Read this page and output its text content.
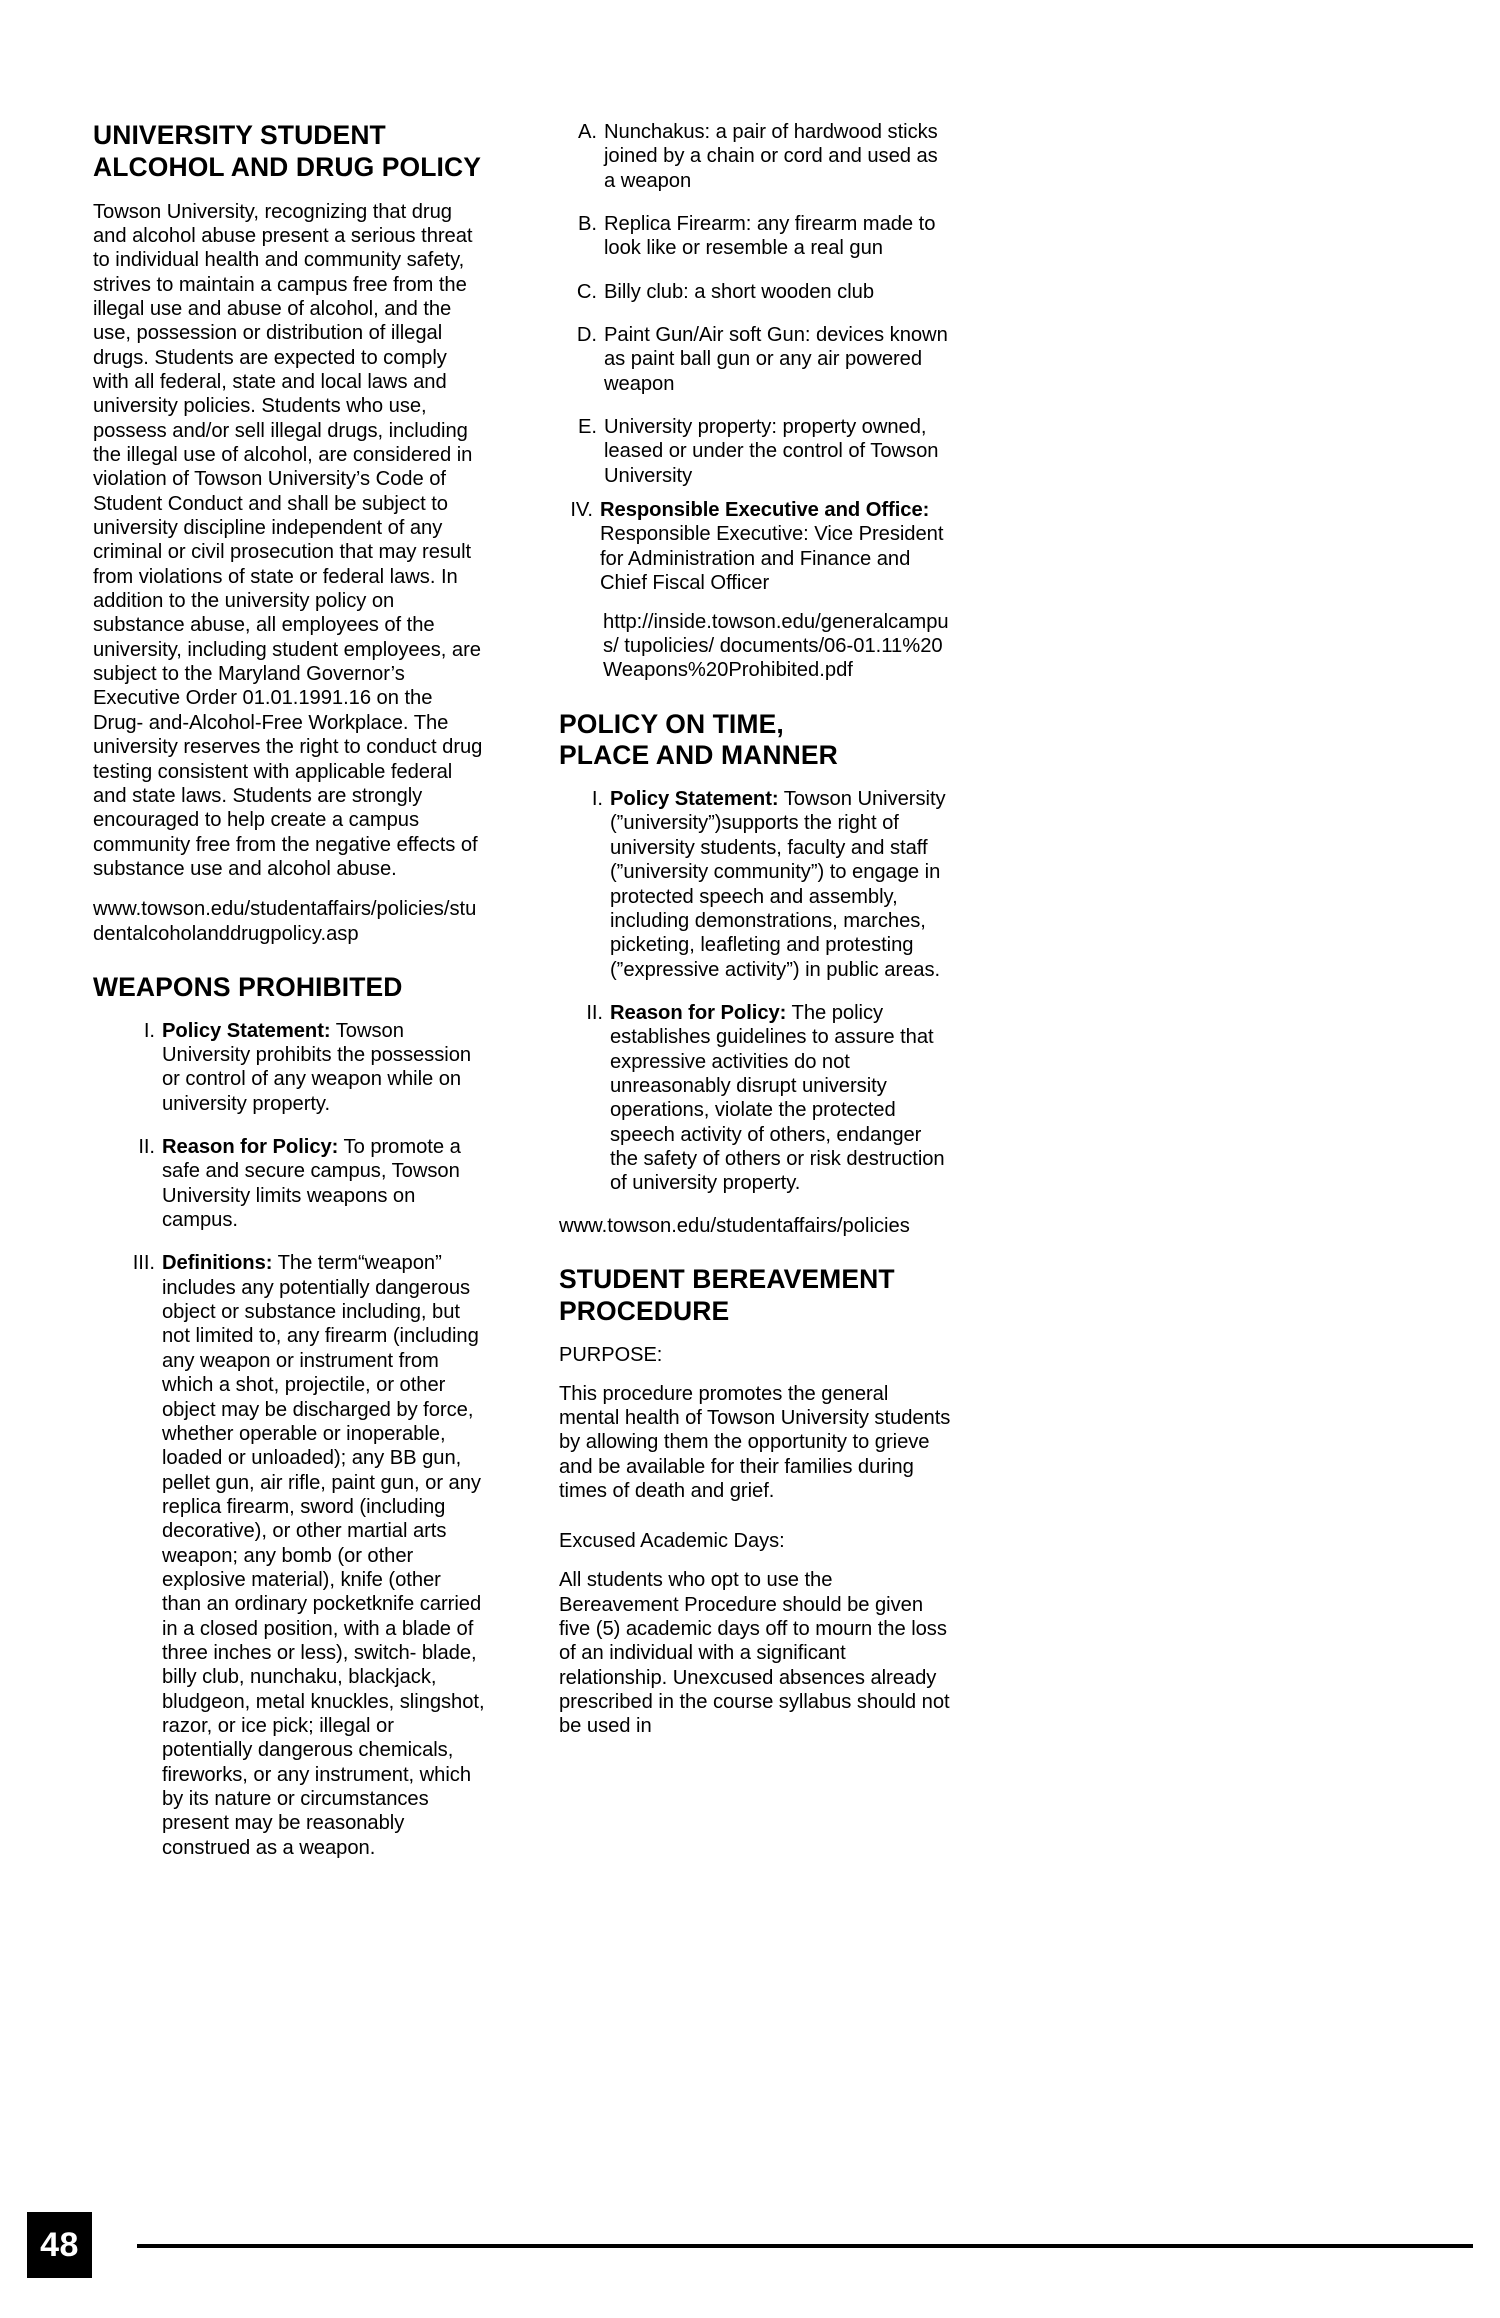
UNIVERSITY STUDENT
ALCOHOL AND DRUG POLICY

Towson University, recognizing that drug and alcohol abuse present a serious threat to individual health and community safety, strives to maintain a campus free from the illegal use and abuse of alcohol, and the use, possession or distribution of illegal drugs. Students are expected to comply with all federal, state and local laws and university policies. Students who use, possess and/or sell illegal drugs, including the illegal use of alcohol, are considered in violation of Towson University’s Code of Student Conduct and shall be subject to university discipline independent of any criminal or civil prosecution that may result from violations of state or federal laws. In addition to the university policy on substance abuse, all employees of the university, including student employees, are subject to the Maryland Governor’s Executive Order 01.01.1991.16 on the Drug- and-Alcohol-Free Workplace. The university reserves the right to conduct drug testing consistent with applicable federal and state laws. Students are strongly encouraged to help create a campus community free from the negative effects of substance use and alcohol abuse.

www.towson.edu/studentaffairs/policies/studentalcoholanddrugpolicy.asp

WEAPONS PROHIBITED
I. Policy Statement: Towson University prohibits the possession or control of any weapon while on university property.
II. Reason for Policy: To promote a safe and secure campus, Towson University limits weapons on campus.
III. Definitions: The term“weapon” includes any potentially dangerous object or substance including, but not limited to, any firearm (including any weapon or instrument from which a shot, projectile, or other object may be discharged by force, whether operable or inoperable, loaded or unloaded); any BB gun, pellet gun, air rifle, paint gun, or any replica firearm, sword (including decorative), or other martial arts weapon; any bomb (or other explosive material), knife (other than an ordinary pocketknife carried in a closed position, with a blade of three inches or less), switch- blade, billy club, nunchaku, blackjack, bludgeon, metal knuckles, slingshot, razor, or ice pick; illegal or potentially dangerous chemicals, fireworks, or any instrument, which by its nature or circumstances present may be reasonably construed as a weapon.
A. Nunchakus: a pair of hardwood sticks joined by a chain or cord and used as a weapon
B. Replica Firearm: any firearm made to look like or resemble a real gun
C. Billy club: a short wooden club
D. Paint Gun/Air soft Gun: devices known as paint ball gun or any air powered weapon
E. University property: property owned, leased or under the control of Towson University
IV. Responsible Executive and Office:
Responsible Executive: Vice President for Administration and Finance and Chief Fiscal Officer

http://inside.towson.edu/generalcampus/ tupolicies/ documents/06-01.11%20Weapons%20Prohibited.pdf

POLICY ON TIME,
PLACE AND MANNER
I. Policy Statement: Towson University (”university”)supports the right of university students, faculty and staff (”university community”) to engage in protected speech and assembly, including demonstrations, marches, picketing, leafleting and protesting (”expressive activity”) in public areas.
II. Reason for Policy: The policy establishes guidelines to assure that expressive activities do not unreasonably disrupt university operations, violate the protected speech activity of others, endanger the safety of others or risk destruction of university property.

www.towson.edu/studentaffairs/policies

STUDENT BEREAVEMENT
PROCEDURE
PURPOSE:

This procedure promotes the general mental health of Towson University students by allowing them the opportunity to grieve and be available for their families during times of death and grief.

Excused Academic Days:

All students who opt to use the Bereavement Procedure should be given five (5) academic days off to mourn the loss of an individual with a significant relationship. Unexcused absences already prescribed in the course syllabus should not be used in

48
